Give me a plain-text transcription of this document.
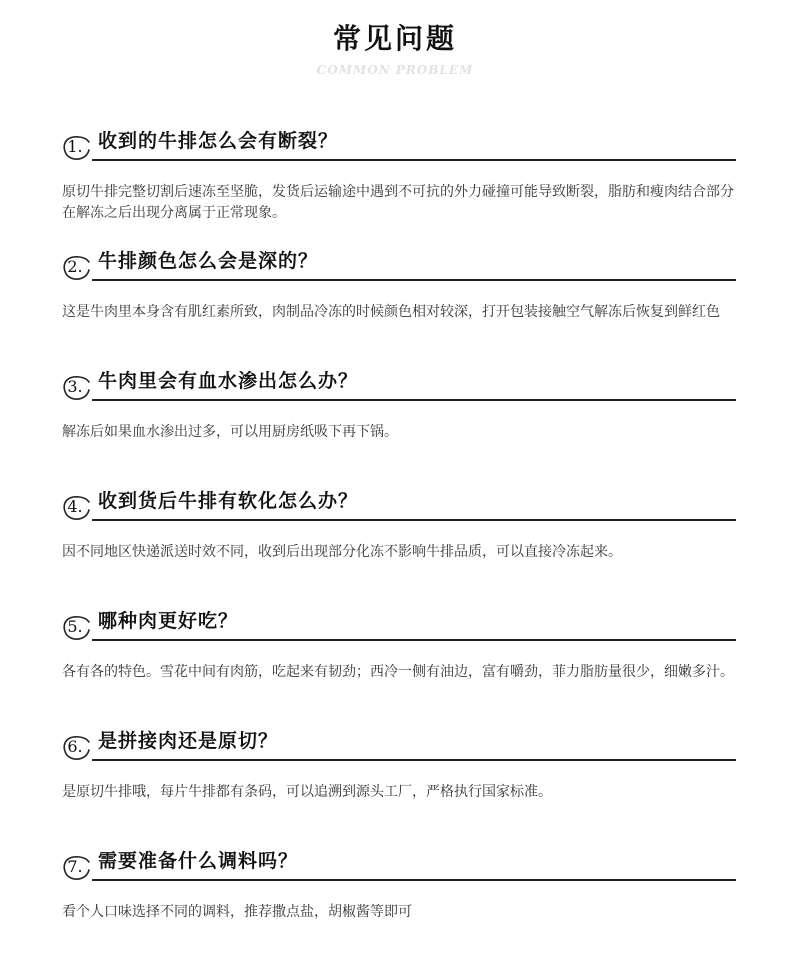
常见问题
COMMON PROBLEM
1. 收到的牛排怎么会有断裂？
原切牛排完整切割后速冻至坚脆，发货后运输途中遇到不可抗的外力碰撞可能导致断裂，脂肪和瘦肉结合部分在解冻之后出现分离属于正常现象。
2. 牛排颜色怎么会是深的？
这是牛肉里本身含有肌红素所致，肉制品冷冻的时候颜色相对较深，打开包装接触空气解冻后恢复到鲜红色
3. 牛肉里会有血水渗出怎么办？
解冻后如果血水渗出过多，可以用厨房纸吸下再下锅。
4. 收到货后牛排有软化怎么办？
因不同地区快递派送时效不同，收到后出现部分化冻不影响牛排品质，可以直接冷冻起来。
5. 哪种肉更好吃？
各有各的特色。雪花中间有肉筋，吃起来有韧劲；西冷一侧有油边，富有嚼劲，菲力脂肪量很少，细嫩多汁。
6. 是拼接肉还是原切？
是原切牛排哦，每片牛排都有条码，可以追溯到源头工厂，严格执行国家标准。
7. 需要准备什么调料吗？
看个人口味选择不同的调料，推荐撒点盐，胡椒酱等即可
